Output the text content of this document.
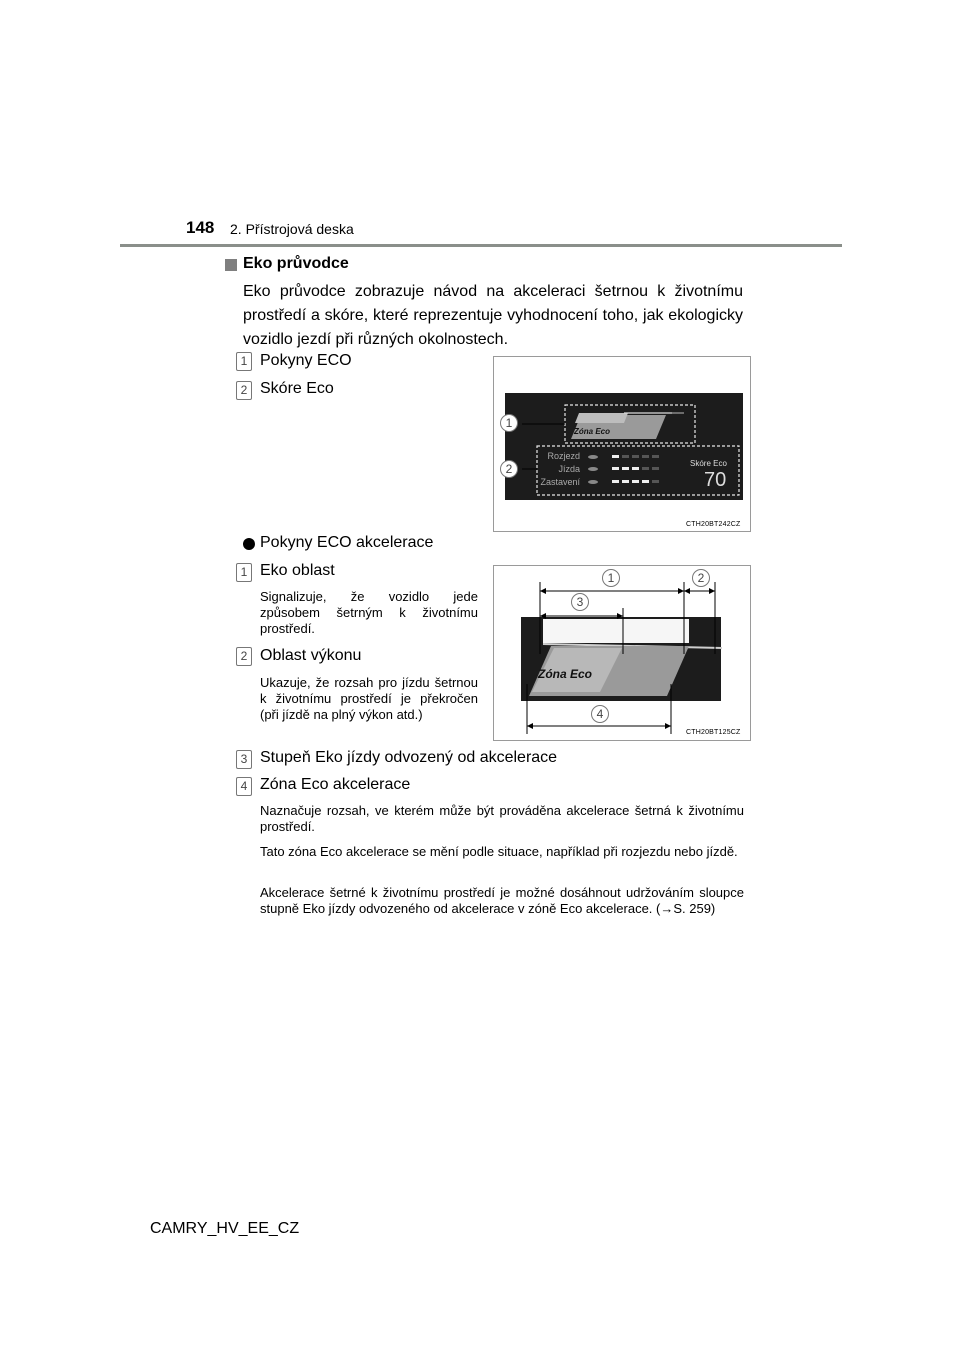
148 2. Přístrojová deska
Eko průvodce
Eko průvodce zobrazuje návod na akceleraci šetrnou k životnímu prostředí a skóre, které reprezentuje vyhodnocení toho, jak ekologicky vozidlo jezdí při různých okolnostech.
1 Pokyny ECO
2 Skóre Eco
1
2
Zóna Eco
Rozjezd
Jízda
Zastavení
Skóre Eco
70
CTH20BT242CZ
Pokyny ECO akcelerace
1 Eko oblast
Signalizuje, že vozidlo jede způsobem šetrným k životnímu prostředí.
2 Oblast výkonu
Ukazuje, že rozsah pro jízdu šetrnou k životnímu prostředí je překročen (při jízdě na plný výkon atd.)
1	2
3
4
Zóna Eco
CTH20BT125CZ
3 Stupeň Eko jízdy odvozený od akcelerace
4 Zóna Eco akcelerace
Naznačuje rozsah, ve kterém může být prováděna akcelerace šetrná k životnímu prostředí.
Tato zóna Eco akcelerace se mění podle situace, například při rozjezdu nebo jízdě.
Akcelerace šetrné k životnímu prostředí je možné dosáhnout udržováním sloupce stupně Eko jízdy odvozeného od akcelerace v zóně Eco akcelerace. (→S. 259)
CAMRY_HV_EE_CZ
